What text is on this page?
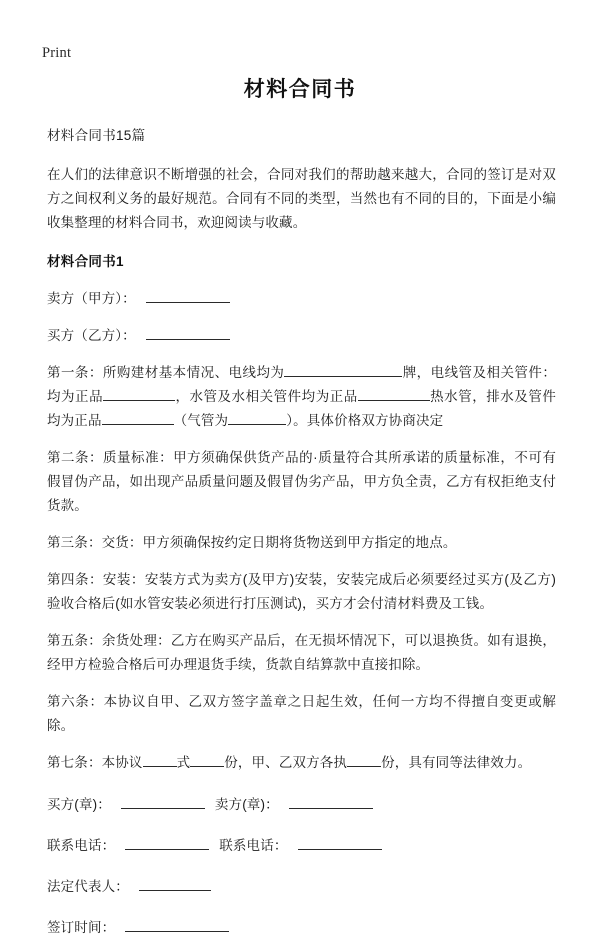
Print
材料合同书

材料合同书15篇

在人们的法律意识不断增强的社会，合同对我们的帮助越来越大，合同的签订是对双方之间权利义务的最好规范。合同有不同的类型，当然也有不同的目的，下面是小编收集整理的材料合同书，欢迎阅读与收藏。

材料合同书1

卖方（甲方）：

买方（乙方）：

第一条：所购建材基本情况、电线均为	牌，电线管及相关管件：均为正品	，水管及水相关管件均为正品	热水管，排水及管件均为正品	（气管为	）。具体价格双方协商决定

第二条：质量标准：甲方须确保供货产品的·质量符合其所承诺的质量标准，不可有假冒伪产品，如出现产品质量问题及假冒伪劣产品，甲方负全责，乙方有权拒绝支付货款。

第三条：交货：甲方须确保按约定日期将货物送到甲方指定的地点。

第四条：安装：安装方式为卖方(及甲方)安装，安装完成后必须要经过买方(及乙方)验收合格后(如水管安装必须进行打压测试)，买方才会付清材料费及工钱。

第五条：余货处理：乙方在购买产品后，在无损坏情况下，可以退换货。如有退换，经甲方检验合格后可办理退货手续，货款自结算款中直接扣除。

第六条：本协议自甲、乙双方签字盖章之日起生效，任何一方均不得擅自变更或解除。

第七条：本协议	式	份，甲、乙双方各执	份，具有同等法律效力。

买方(章)：	卖方(章)：

联系电话：	联系电话：

法定代表人：

签订时间：
